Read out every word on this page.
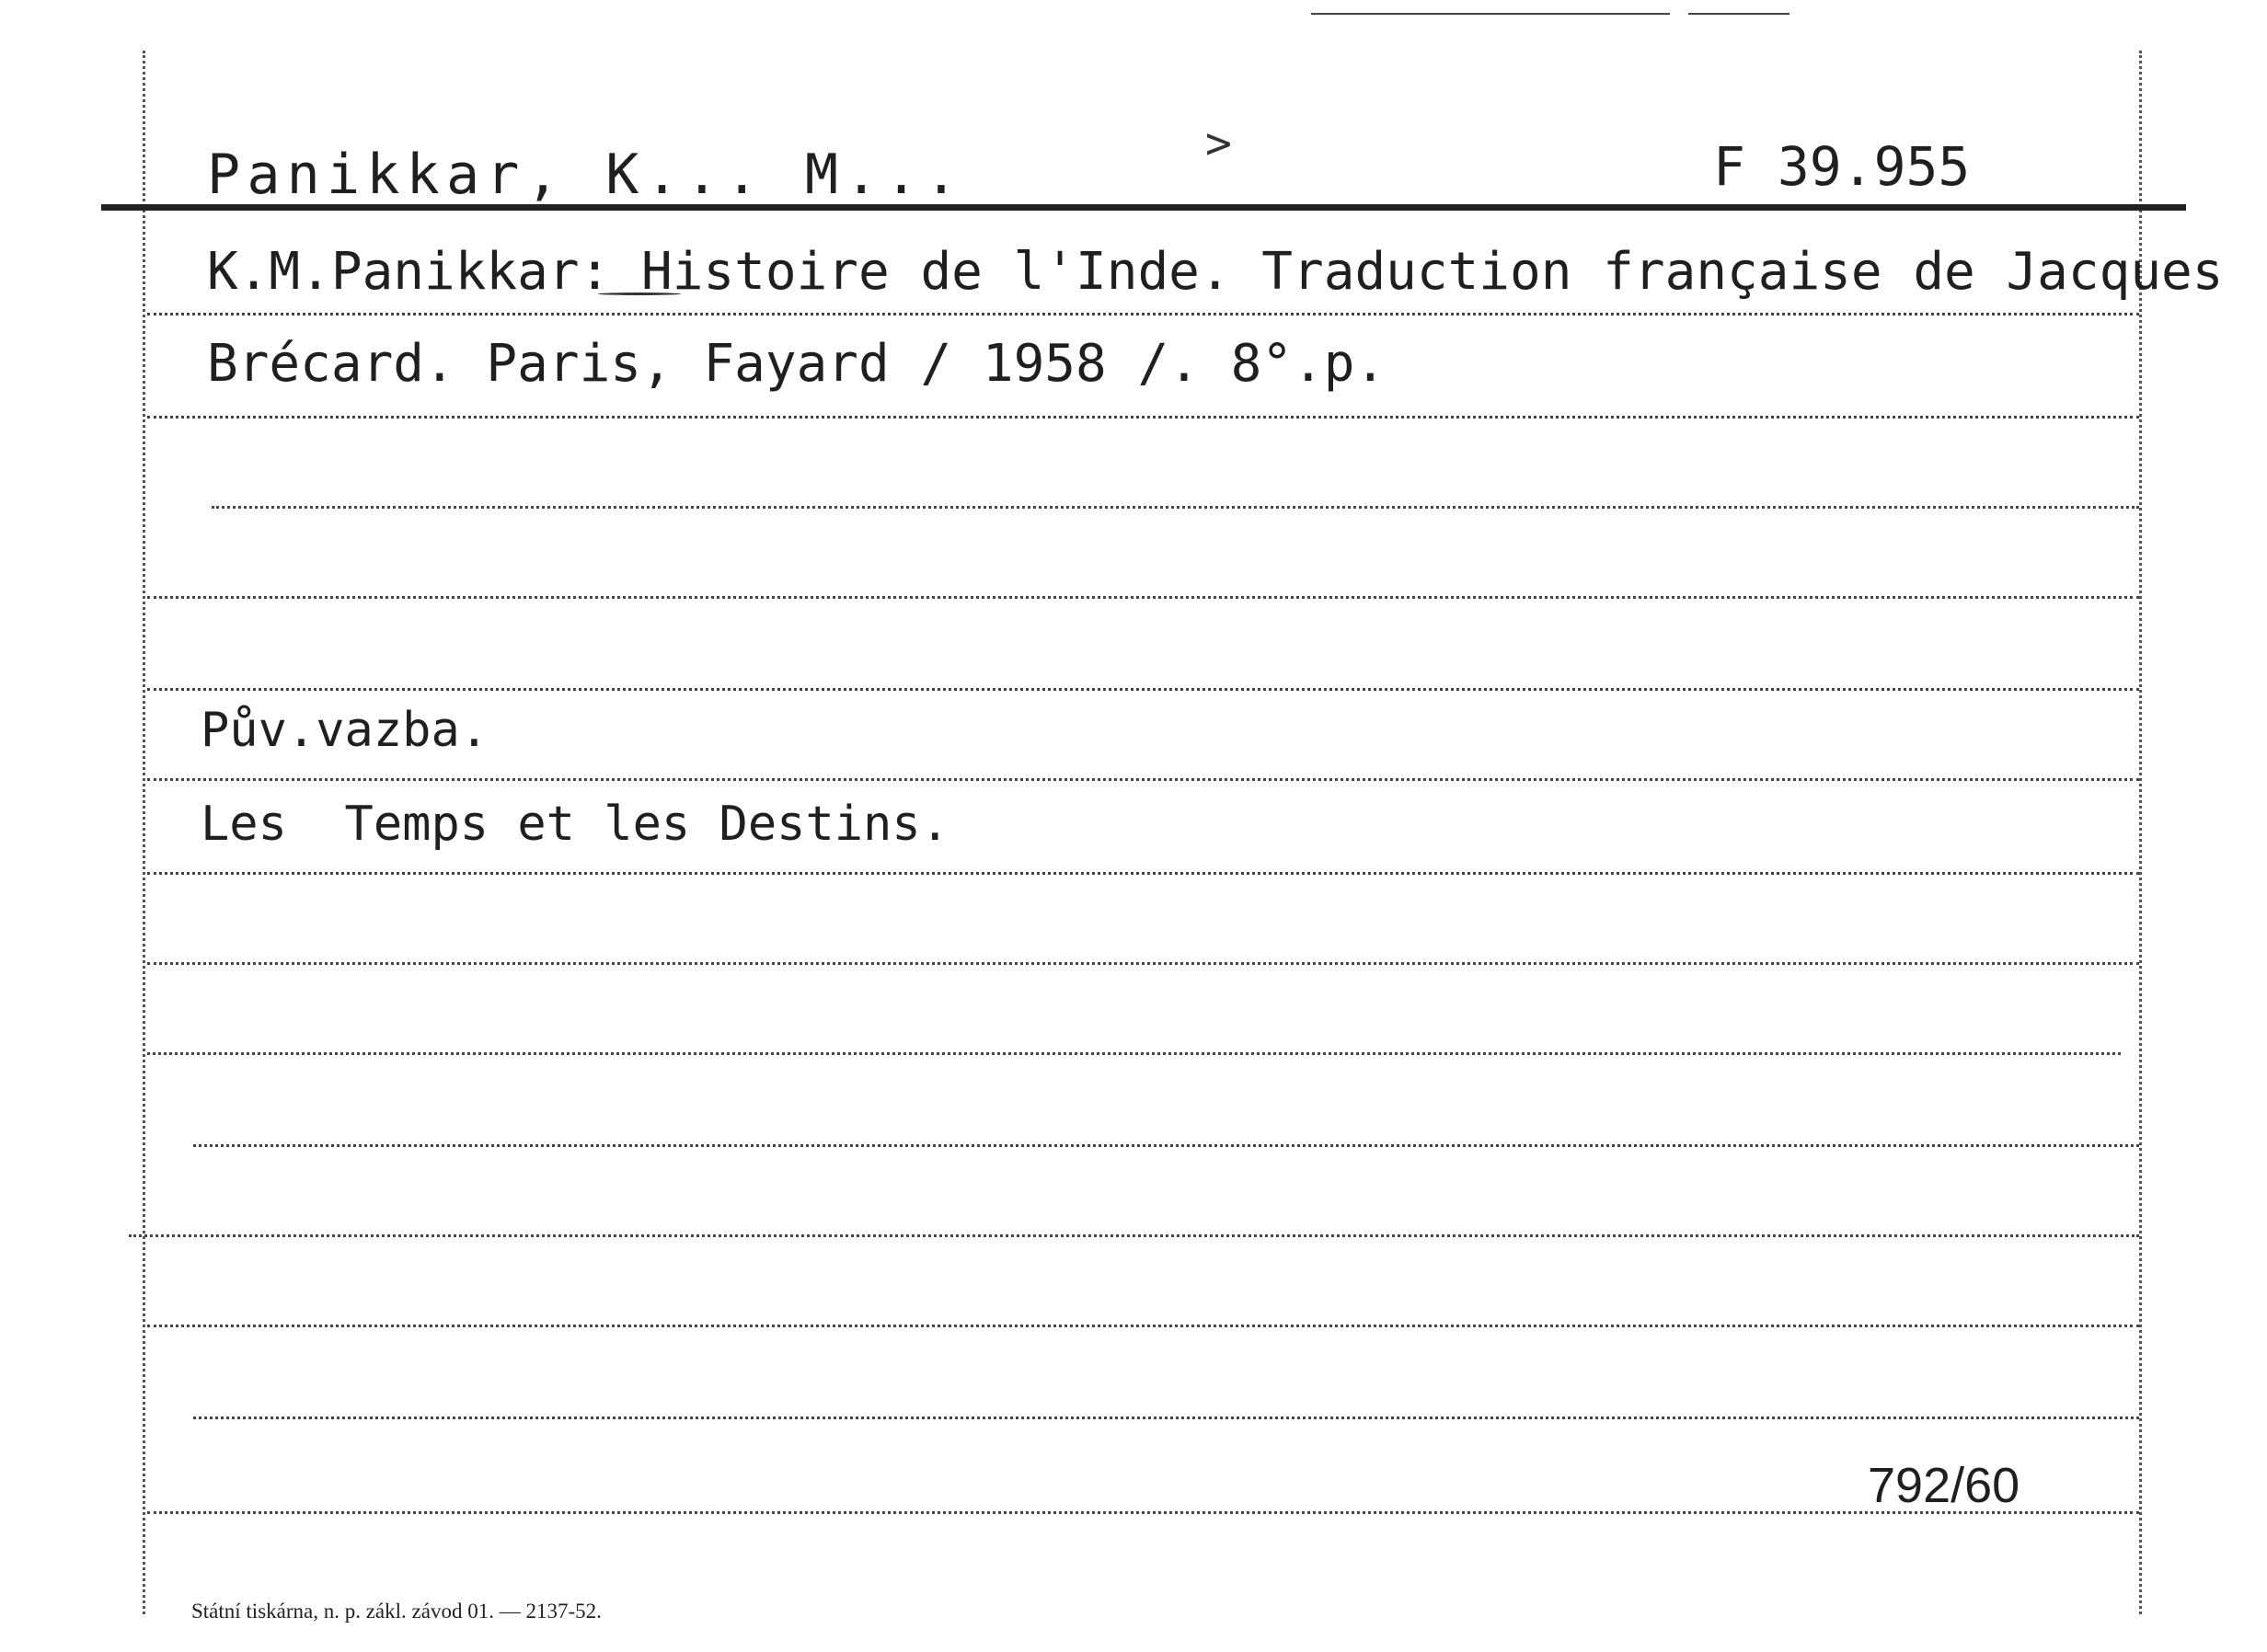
Panikkar, K... M...	F 39.955
>
K.M.Panikkar: Histoire de l'Inde. Traduction française de Jacques
Brécard. Paris, Fayard / 1958 /. 8°.p.
Pův.vazba.
Les  Temps et les Destins.
792/60
Státní tiskárna, n. p. zákl. závod 01. — 2137-52.
